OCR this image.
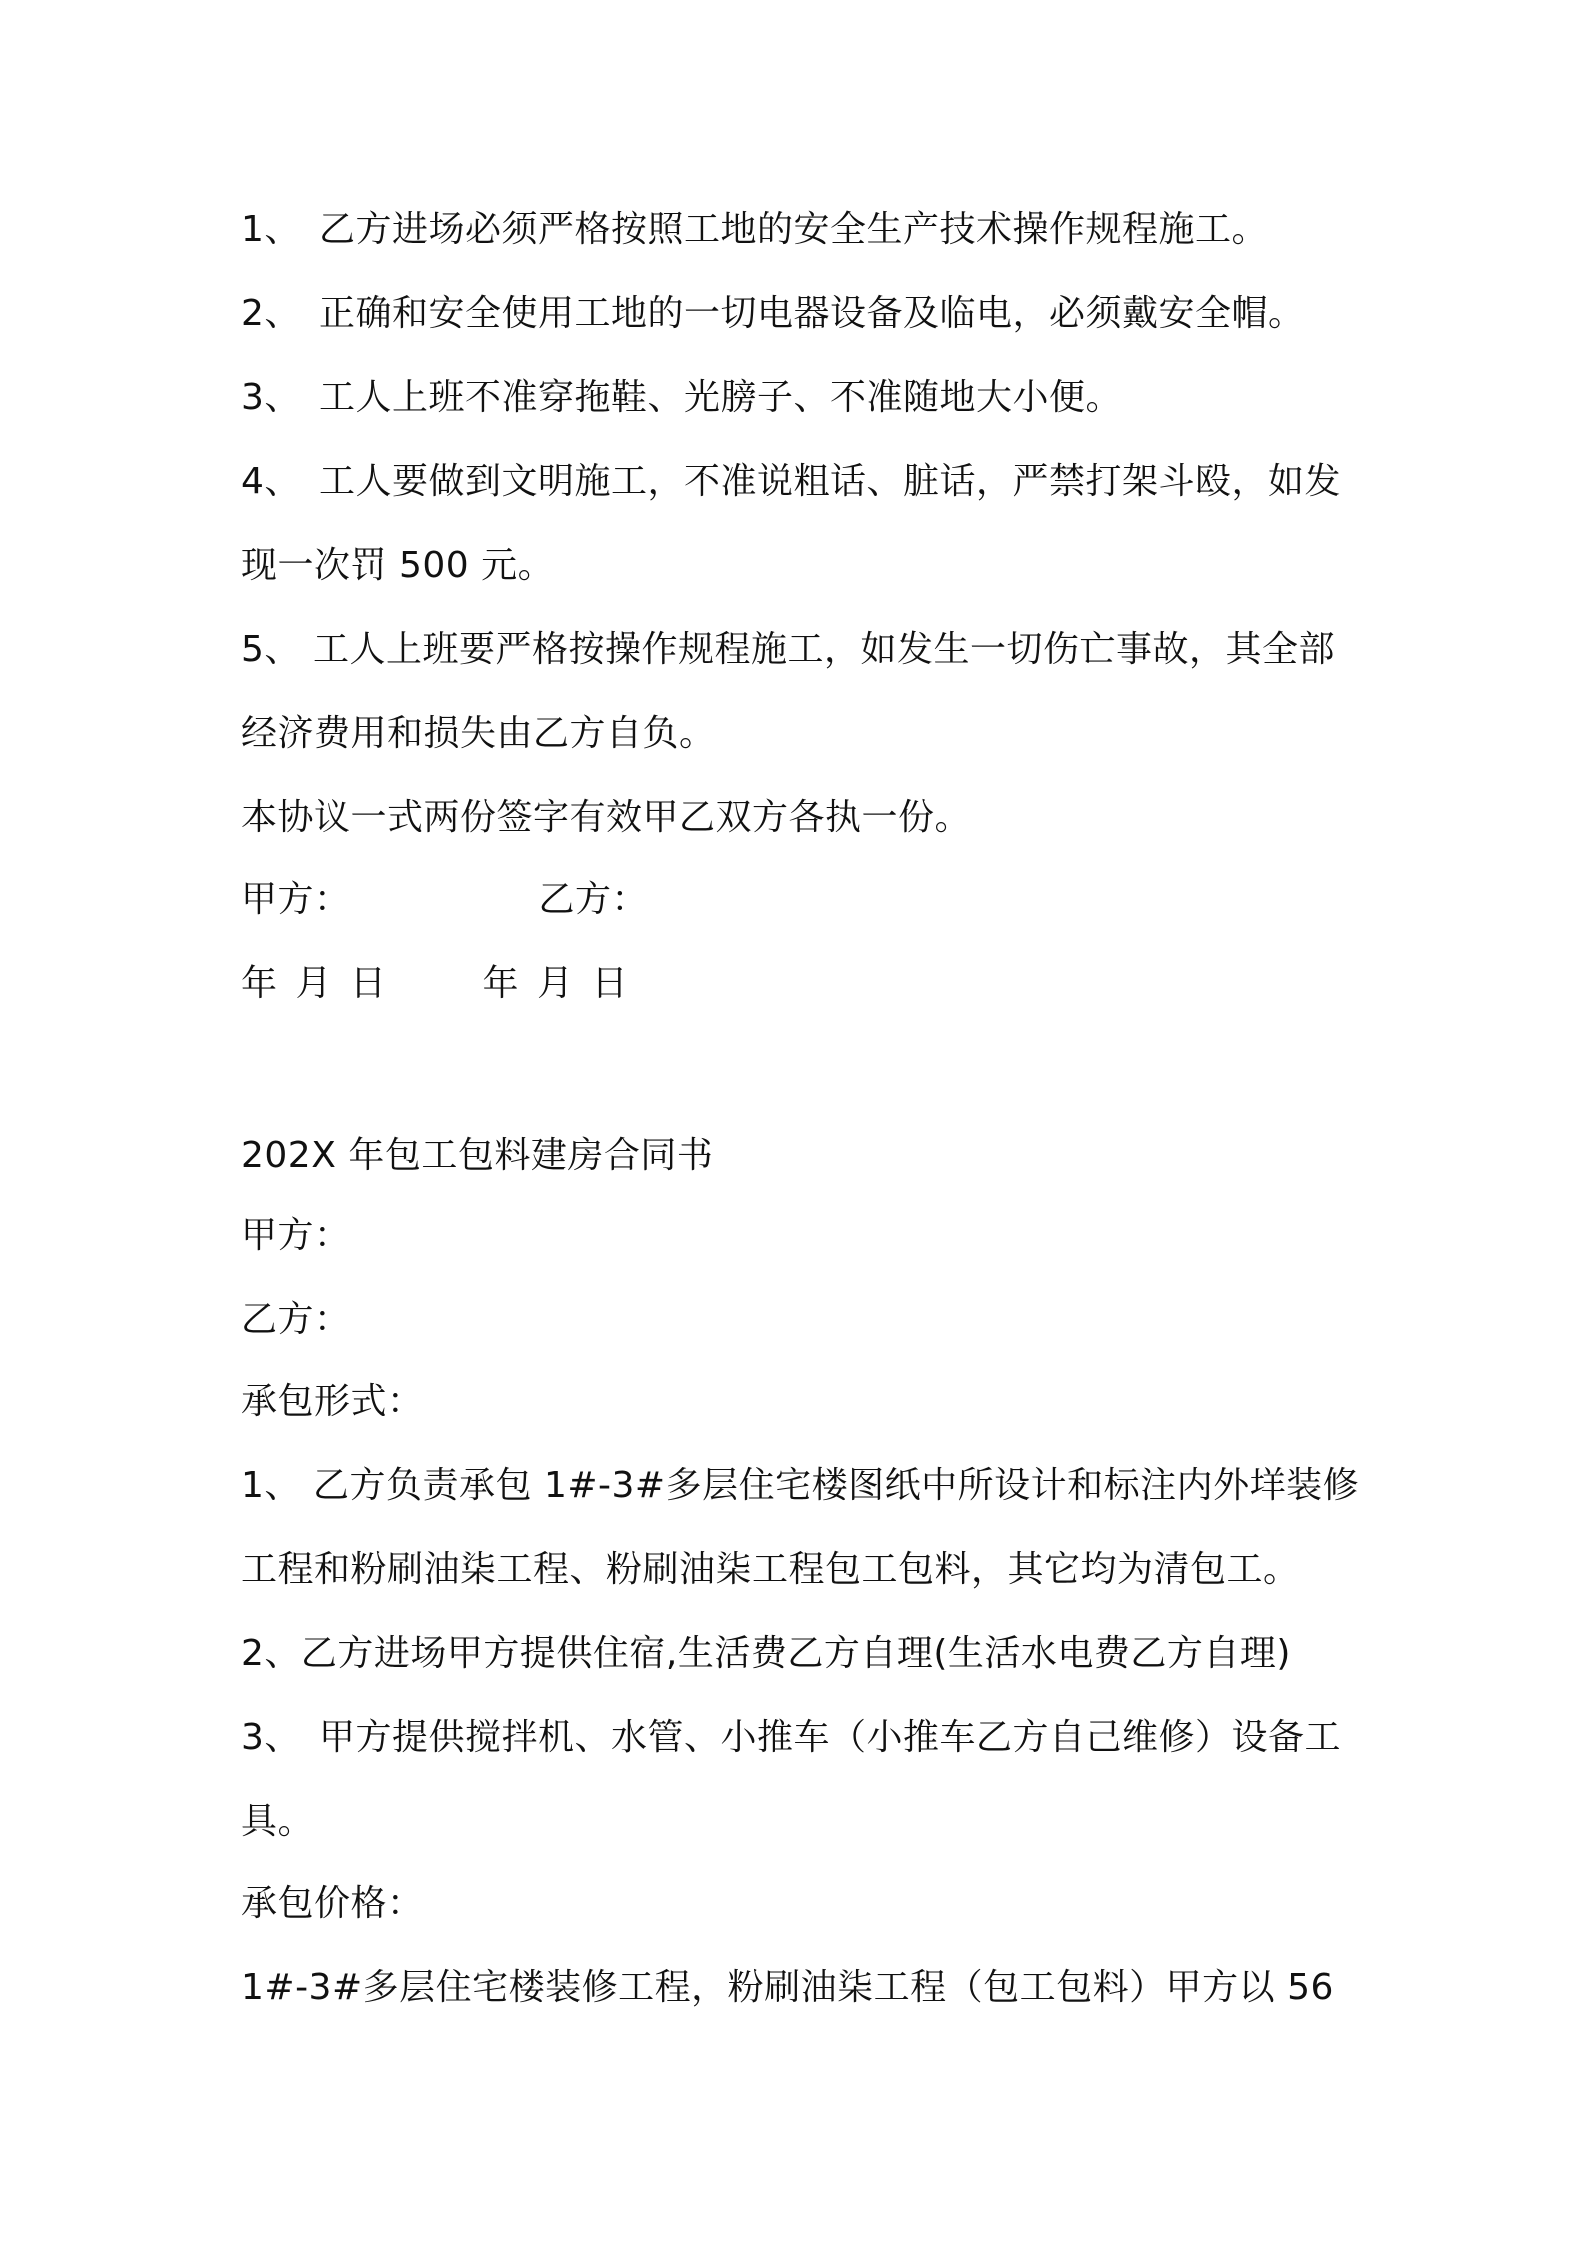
1、 乙方进场必须严格按照工地的安全生产技术操作规程施工。
2、 正确和安全使用工地的一切电器设备及临电，必须戴安全帽。
3、 工人上班不准穿拖鞋、光膀子、不准随地大小便。
4、 工人要做到文明施工，不准说粗话、脏话，严禁打架斗殴，如发
现一次罚 500 元。
5、 工人上班要严格按操作规程施工，如发生一切伤亡事故，其全部
经济费用和损失由乙方自负。
本协议一式两份签字有效甲乙双方各执一份。
甲方：	乙方：
年 月 日	年 月 日
202X 年包工包料建房合同书
甲方：
乙方：
承包形式：
1、 乙方负责承包 1#-3#多层住宅楼图纸中所设计和标注内外垟装修
工程和粉刷油柒工程、粉刷油柒工程包工包料，其它均为清包工。
2、乙方进场甲方提供住宿,生活费乙方自理(生活水电费乙方自理)
3、 甲方提供搅拌机、水管、小推车（小推车乙方自己维修）设备工
具。
承包价格：
1#-3#多层住宅楼装修工程，粉刷油柒工程（包工包料）甲方以 56
